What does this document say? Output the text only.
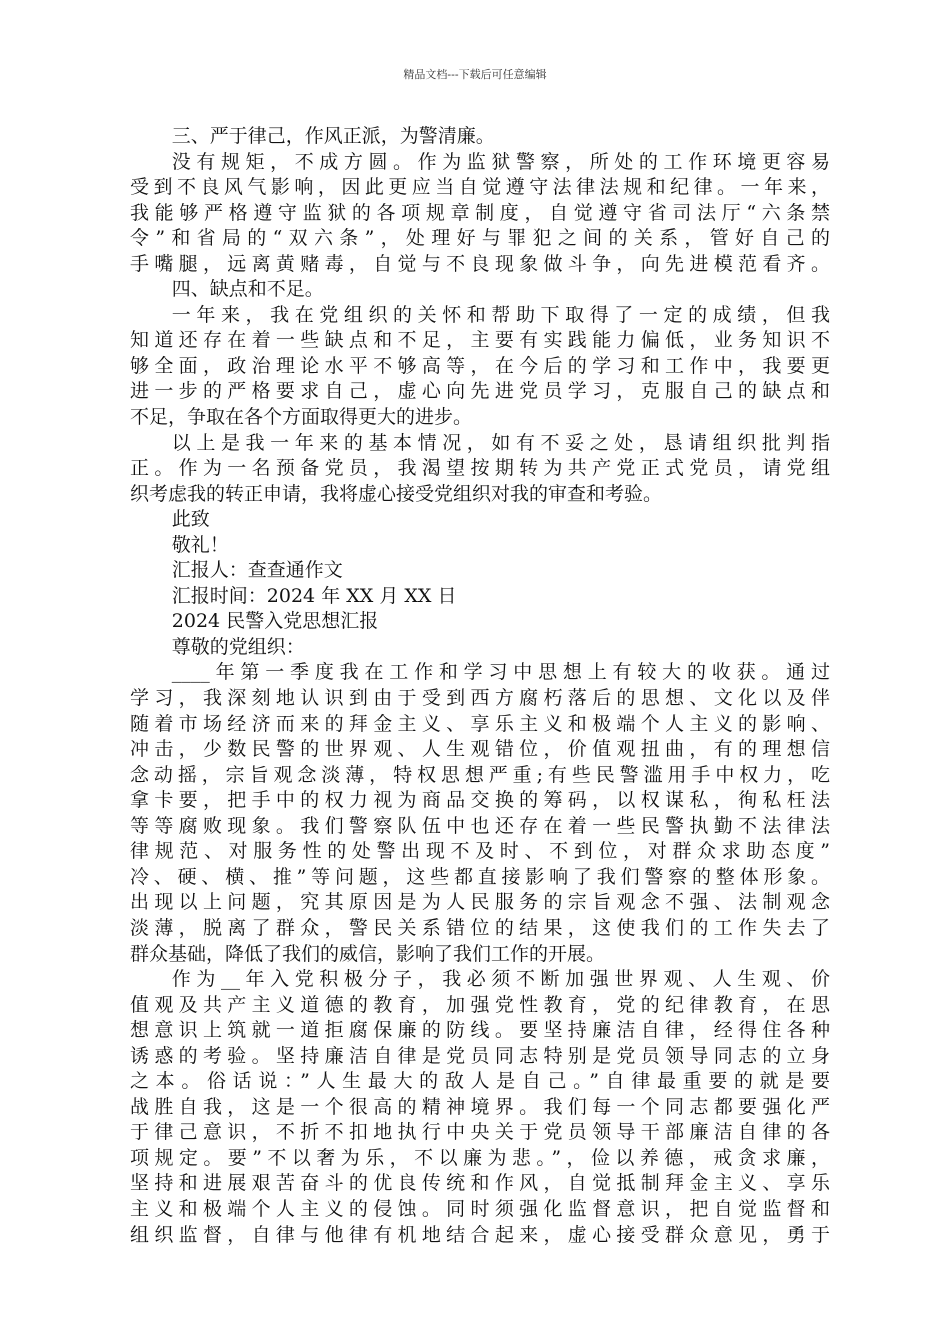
精品文档---下载后可任意编辑
三、严于律己，作风正派，为警清廉。
没有规矩，不成方圆。作为监狱警察，所处的工作环境更容易
受到不良风气影响，因此更应当自觉遵守法律法规和纪律。一年来，
我能够严格遵守监狱的各项规章制度，自觉遵守省司法厅“六条禁
令”和省局的“双六条”，处理好与罪犯之间的关系，管好自己的
手嘴腿，远离黄赌毒，自觉与不良现象做斗争，向先进模范看齐。
四、缺点和不足。
一年来，我在党组织的关怀和帮助下取得了一定的成绩，但我
知道还存在着一些缺点和不足，主要有实践能力偏低，业务知识不
够全面，政治理论水平不够高等，在今后的学习和工作中，我要更
进一步的严格要求自己，虚心向先进党员学习，克服自己的缺点和
不足，争取在各个方面取得更大的进步。
以上是我一年来的基本情况，如有不妥之处，恳请组织批判指
正。作为一名预备党员，我渴望按期转为共产党正式党员，请党组
织考虑我的转正申请，我将虚心接受党组织对我的审查和考验。
此致
敬礼！
汇报人：查查通作文
汇报时间：2024 年 XX 月 XX 日
2024 民警入党思想汇报
尊敬的党组织：
____年第一季度我在工作和学习中思想上有较大的收获。通过
学习，我深刻地认识到由于受到西方腐朽落后的思想、文化以及伴
随着市场经济而来的拜金主义、享乐主义和极端个人主义的影响、
冲击，少数民警的世界观、人生观错位，价值观扭曲，有的理想信
念动摇，宗旨观念淡薄，特权思想严重;有些民警滥用手中权力，吃
拿卡要，把手中的权力视为商品交换的筹码，以权谋私，徇私枉法
等等腐败现象。我们警察队伍中也还存在着一些民警执勤不法律法
律规范、对服务性的处警出现不及时、不到位，对群众求助态度”
冷、硬、横、推”等问题，这些都直接影响了我们警察的整体形象。
出现以上问题，究其原因是为人民服务的宗旨观念不强、法制观念
淡薄，脱离了群众，警民关系错位的结果，这使我们的工作失去了
群众基础，降低了我们的威信，影响了我们工作的开展。
作为__年入党积极分子，我必须不断加强世界观、人生观、价
值观及共产主义道德的教育，加强党性教育，党的纪律教育，在思
想意识上筑就一道拒腐保廉的防线。要坚持廉洁自律，经得住各种
诱惑的考验。坚持廉洁自律是党员同志特别是党员领导同志的立身
之本。俗话说：”人生最大的敌人是自己。”自律最重要的就是要
战胜自我，这是一个很高的精神境界。我们每一个同志都要强化严
于律己意识，不折不扣地执行中央关于党员领导干部廉洁自律的各
项规定。要”不以奢为乐，不以廉为悲。”，俭以养德，戒贪求廉，
坚持和进展艰苦奋斗的优良传统和作风，自觉抵制拜金主义、享乐
主义和极端个人主义的侵蚀。同时须强化监督意识，把自觉监督和
组织监督，自律与他律有机地结合起来，虚心接受群众意见，勇于
